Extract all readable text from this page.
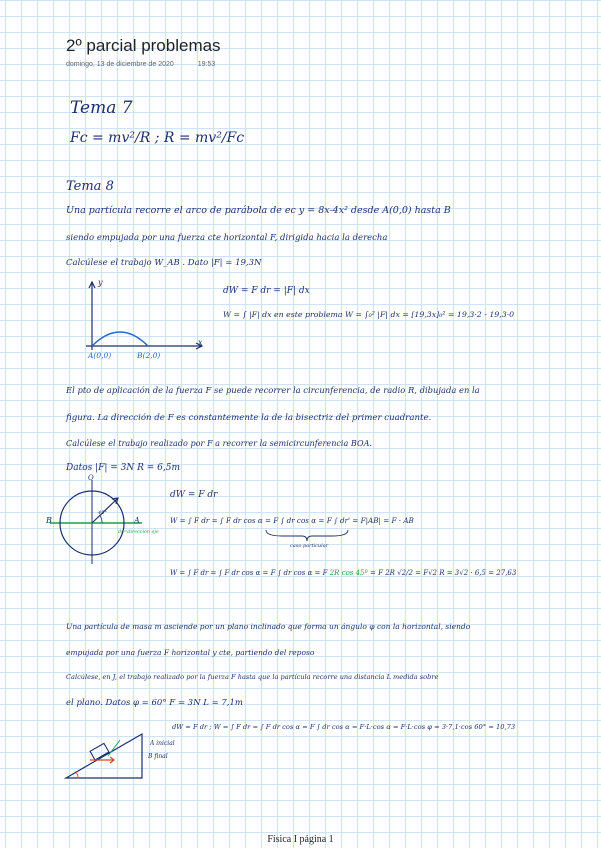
2º parcial problemas
domingo, 13 de diciembre de 2020	19:53
Tema 7
Fc = mv²/R ; R = mv²/Fc
Tema 8
Una partícula recorre el arco de parábola de ec y = 8x-4x² desde A(0,0) hasta B
siendo empujada por una fuerza cte horizontal F, dirigida hacia la derecha
Calcúlese el trabajo W_AB . Dato |F| = 19,3N
dW = F dr = |F| dx
W = ∫ |F| dx en este problema W = ∫₀² |F| dx = [19,3x]₀² = 19,3·2 - 19,3·0
y
x
A(0,0)	B(2,0)
El pto de aplicación de la fuerza F se puede recorrer la circunferencia, de radio R, dibujada en la
figura. La dirección de F es constantemente la de la bisectriz del primer cuadrante.
Calcúlese el trabajo realizado por F a recorrer la semicircunferencia BOA.
Datos |F| = 3N R = 6,5m
O
B	A
45°
dr=dirección eje
dW = F dr
W = ∫ F dr = ∫ F dr cos α = F ∫ dr cos α = F ∫ dr' = F|AB| = F · AB
caso particular
W = ∫ F dr = ∫ F dr cos α = F ∫ dr cos α = F 2R cos 45º = F 2R √2/2 = F√2 R = 3√2 · 6,5 = 27,63
Una partícula de masa m asciende por un plano inclinado que forma un ángulo φ con la horizontal, siendo
empujada por una fuerza F horizontal y cte, partiendo del reposo
Calcúlese, en J, el trabajo realizado por la fuerza F hasta que la partícula recorre una distancia L medida sobre
el plano. Datos φ = 60° F = 3N L = 7,1m
dW = F dr ; W = ∫ F dr = ∫ F dr cos α = F ∫ dr cos α = F·L·cos α = F·L·cos φ = 3·7,1·cos 60° = 10,73
A inicial
B final
Física I página 1
